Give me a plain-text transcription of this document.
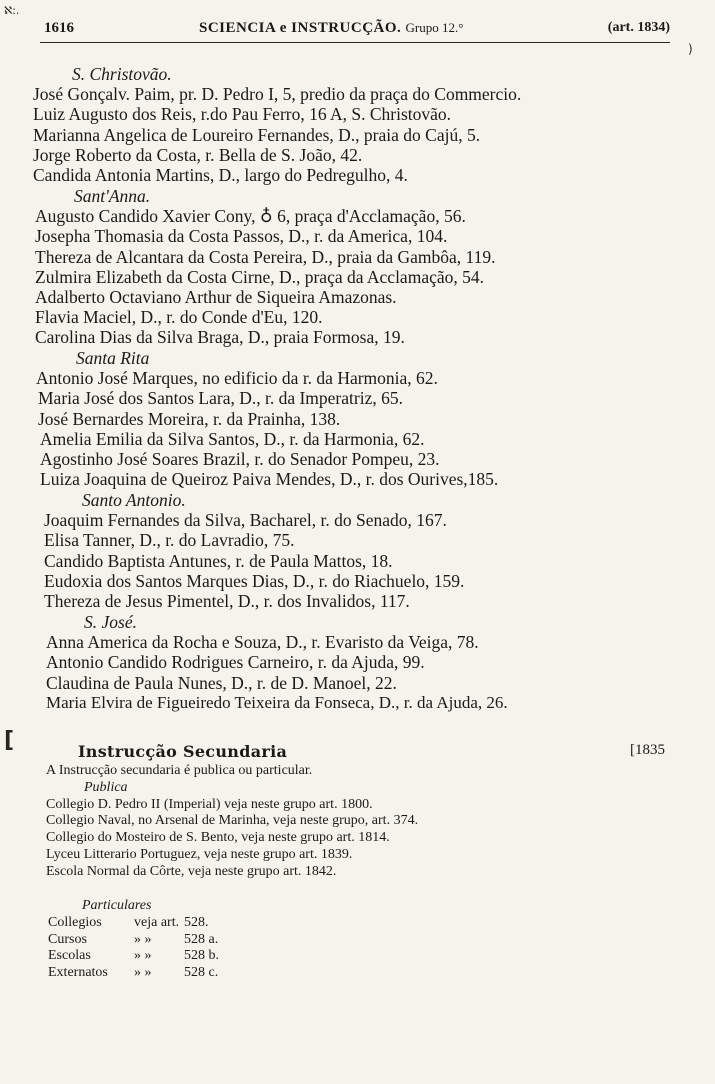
1616	SCIENCIA e INSTRUCÇÃO. Grupo 12.°	(art. 1834)
ℵ:.
[
)
S. Christovão.
José Gonçalv. Paim, pr. D. Pedro I, 5, predio da praça do Commercio.
Luiz Augusto dos Reis, r.do Pau Ferro, 16 A, S. Christovão.
Marianna Angelica de Loureiro Fernandes, D., praia do Cajú, 5.
Jorge Roberto da Costa, r. Bella de S. João, 42.
Candida Antonia Martins, D., largo do Pedregulho, 4.
Sant'Anna.
Augusto Candido Xavier Cony, ♁ 6, praça d'Acclamação, 56.
Josepha Thomasia da Costa Passos, D., r. da America, 104.
Thereza de Alcantara da Costa Pereira, D., praia da Gambôa, 119.
Zulmira Elizabeth da Costa Cirne, D., praça da Acclamação, 54.
Adalberto Octaviano Arthur de Siqueira Amazonas.
Flavia Maciel, D., r. do Conde d'Eu, 120.
Carolina Dias da Silva Braga, D., praia Formosa, 19.
Santa Rita
Antonio José Marques, no edificio da r. da Harmonia, 62.
Maria José dos Santos Lara, D., r. da Imperatriz, 65.
José Bernardes Moreira, r. da Prainha, 138.
Amelia Emilia da Silva Santos, D., r. da Harmonia, 62.
Agostinho José Soares Brazil, r. do Senador Pompeu, 23.
Luiza Joaquina de Queiroz Paiva Mendes, D., r. dos Ourives,185.
Santo Antonio.
Joaquim Fernandes da Silva, Bacharel, r. do Senado, 167.
Elisa Tanner, D., r. do Lavradio, 75.
Candido Baptista Antunes, r. de Paula Mattos, 18.
Eudoxia dos Santos Marques Dias, D., r. do Riachuelo, 159.
Thereza de Jesus Pimentel, D., r. dos Invalidos, 117.
S. José.
Anna America da Rocha e Souza, D., r. Evaristo da Veiga, 78.
Antonio Candido Rodrigues Carneiro, r. da Ajuda, 99.
Claudina de Paula Nunes, D., r. de D. Manoel, 22.
Maria Elvira de Figueiredo Teixeira da Fonseca, D., r. da Ajuda, 26.
Instrucção Secundaria	[1835
A Instrucção secundaria é publica ou particular.
Publica
Collegio D. Pedro II (Imperial) veja neste grupo art. 1800.
Collegio Naval, no Arsenal de Marinha, veja neste grupo, art. 374.
Collegio do Mosteiro de S. Bento, veja neste grupo art. 1814.
Lyceu Litterario Portuguez, veja neste grupo art. 1839.
Escola Normal da Côrte, veja neste grupo art. 1842.
Particulares
Collegios	veja art. 528.
Cursos	» »	528 a.
Escolas	» »	528 b.
Externatos	» »	528 c.
